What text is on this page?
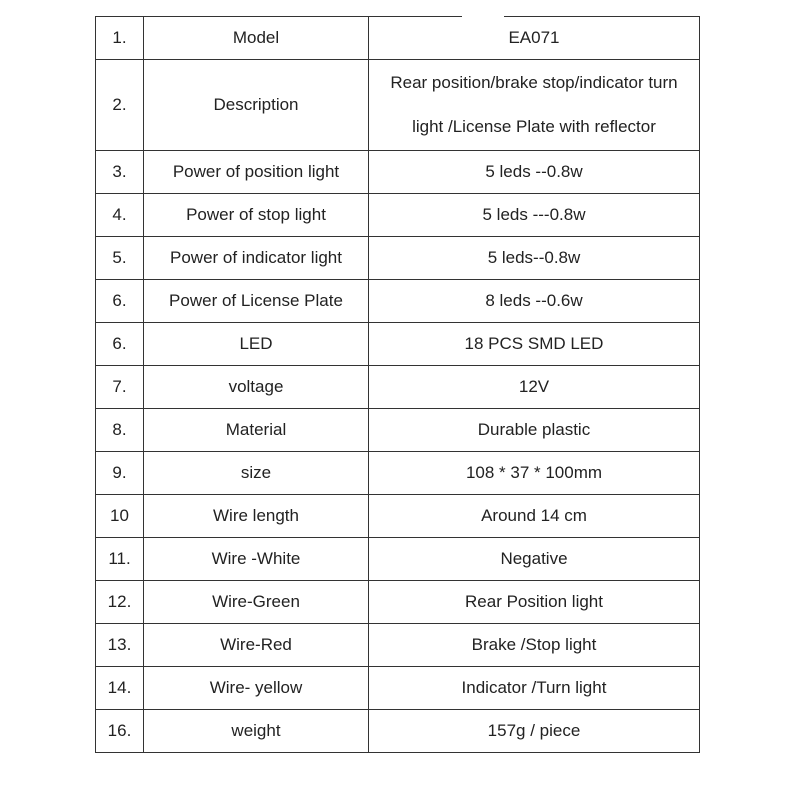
1.	Model	EA071
2.	Description	Rear position/brake stop/indicator turn light /License Plate with reflector
3.	Power of position light	5 leds --0.8w
4.	Power of stop light	5 leds ---0.8w
5.	Power of indicator light	5 leds--0.8w
6.	Power of License Plate	8 leds --0.6w
6.	LED	18 PCS SMD LED
7.	voltage	12V
8.	Material	Durable plastic
9.	size	108 * 37 * 100mm
10	Wire length	Around 14 cm
11.	Wire -White	Negative
12.	Wire-Green	Rear Position light
13.	Wire-Red	Brake /Stop light
14.	Wire- yellow	Indicator /Turn light
16.	weight	157g / piece
